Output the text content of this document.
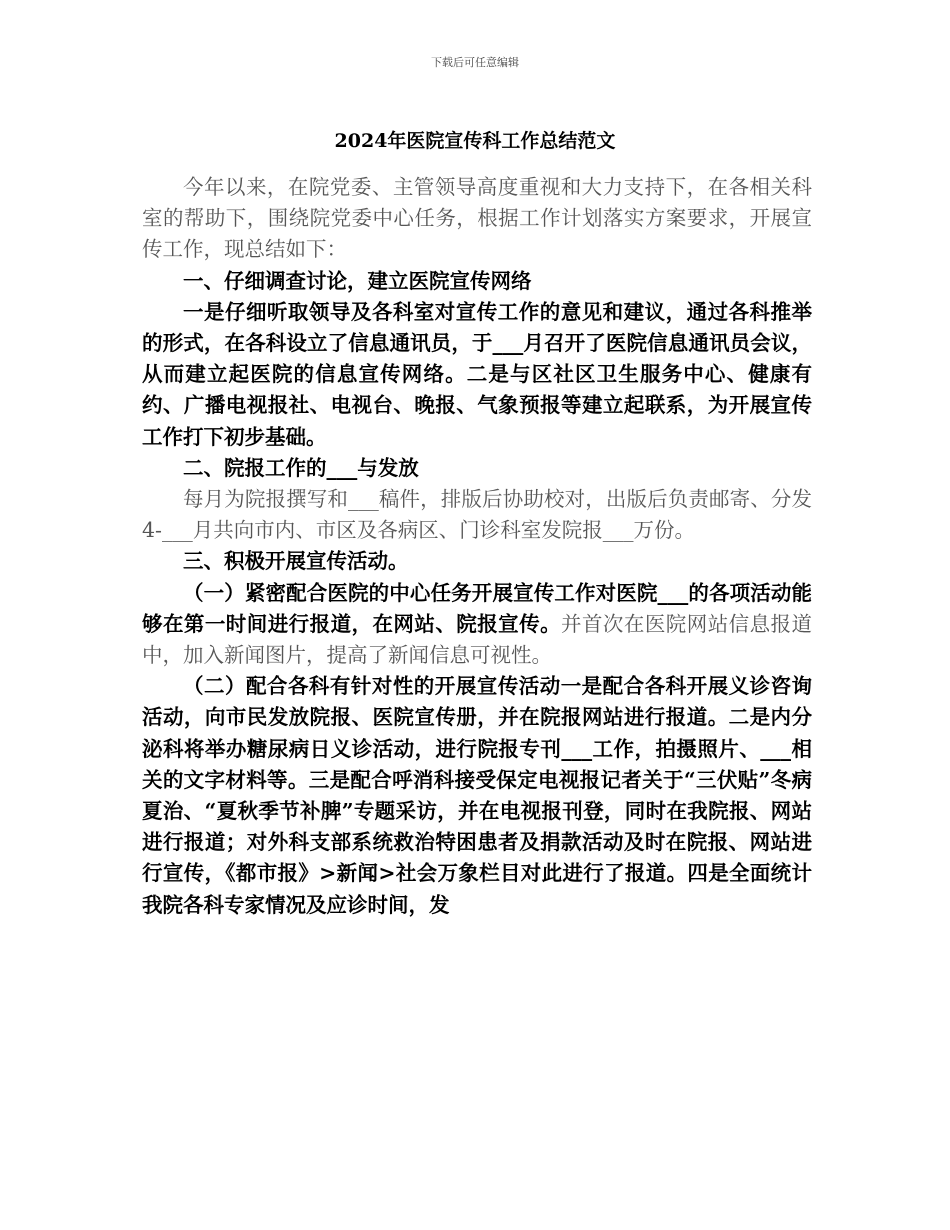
下载后可任意编辑
2024年医院宣传科工作总结范文

今年以来，在院党委、主管领导高度重视和大力支持下，在各相关科室的帮助下，围绕院党委中心任务，根据工作计划落实方案要求，开展宣传工作，现总结如下：

一、仔细调查讨论，建立医院宣传网络

一是仔细听取领导及各科室对宣传工作的意见和建议，通过各科推举的形式，在各科设立了信息通讯员，于___月召开了医院信息通讯员会议，从而建立起医院的信息宣传网络。二是与区社区卫生服务中心、健康有约、广播电视报社、电视台、晚报、气象预报等建立起联系，为开展宣传工作打下初步基础。

二、院报工作的___与发放

每月为院报撰写和___稿件，排版后协助校对，出版后负责邮寄、分发4-___月共向市内、市区及各病区、门诊科室发院报___万份。

三、积极开展宣传活动。

（一）紧密配合医院的中心任务开展宣传工作对医院___的各项活动能够在第一时间进行报道，在网站、院报宣传。并首次在医院网站信息报道中，加入新闻图片，提高了新闻信息可视性。

（二）配合各科有针对性的开展宣传活动一是配合各科开展义诊咨询活动，向市民发放院报、医院宣传册，并在院报网站进行报道。二是内分泌科将举办糖尿病日义诊活动，进行院报专刊___工作，拍摄照片、___相关的文字材料等。三是配合呼消科接受保定电视报记者关于“三伏贴”冬病夏治、“夏秋季节补脾”专题采访，并在电视报刊登，同时在我院报、网站进行报道；对外科支部系统救治特困患者及捐款活动及时在院报、网站进行宣传，《都市报》>新闻>社会万象栏目对此进行了报道。四是全面统计我院各科专家情况及应诊时间，发
